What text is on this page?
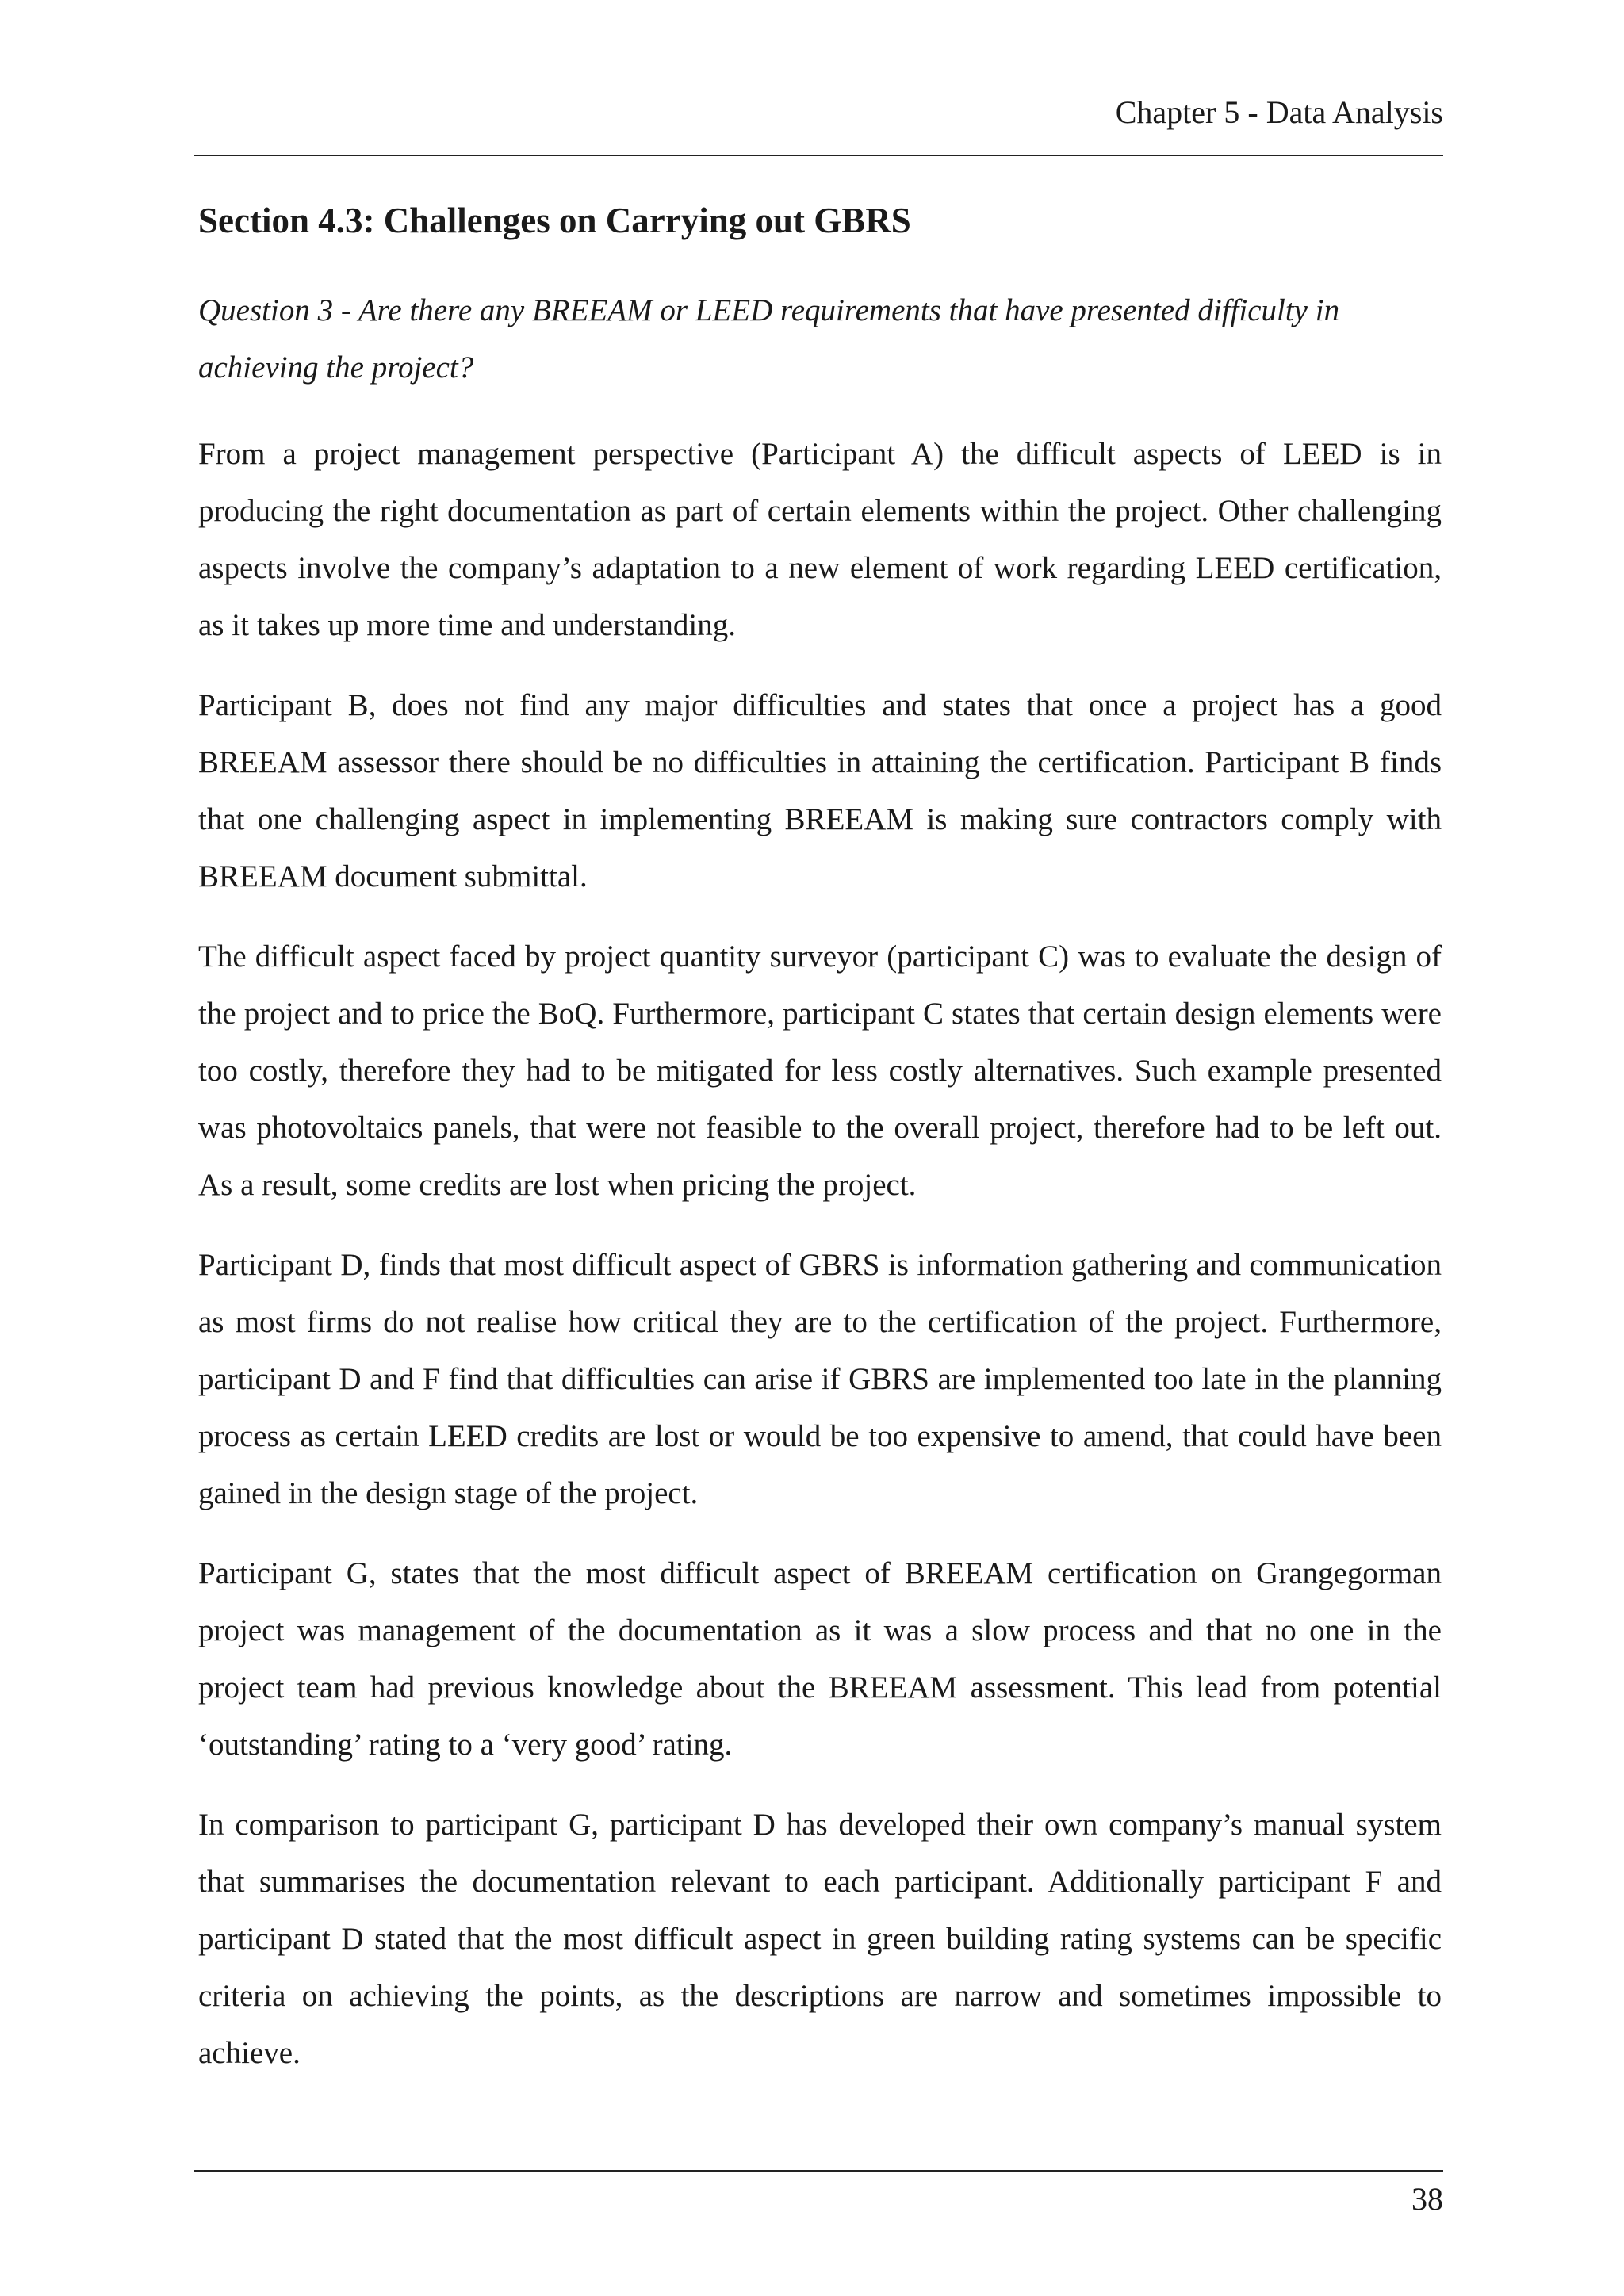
Chapter 5 - Data Analysis
Section 4.3: Challenges on Carrying out GBRS

Question 3 - Are there any BREEAM or LEED requirements that have presented difficulty in achieving the project?

From a project management perspective (Participant A) the difficult aspects of LEED is in producing the right documentation as part of certain elements within the project. Other challenging aspects involve the company’s adaptation to a new element of work regarding LEED certification, as it takes up more time and understanding.

Participant B, does not find any major difficulties and states that once a project has a good BREEAM assessor there should be no difficulties in attaining the certification. Participant B finds that one challenging aspect in implementing BREEAM is making sure contractors comply with BREEAM document submittal.

The difficult aspect faced by project quantity surveyor (participant C) was to evaluate the design of the project and to price the BoQ. Furthermore, participant C states that certain design elements were too costly, therefore they had to be mitigated for less costly alternatives. Such example presented was photovoltaics panels, that were not feasible to the overall project, therefore had to be left out. As a result, some credits are lost when pricing the project.

Participant D, finds that most difficult aspect of GBRS is information gathering and communication as most firms do not realise how critical they are to the certification of the project. Furthermore, participant D and F find that difficulties can arise if GBRS are implemented too late in the planning process as certain LEED credits are lost or would be too expensive to amend, that could have been gained in the design stage of the project.

Participant G, states that the most difficult aspect of BREEAM certification on Grangegorman project was management of the documentation as it was a slow process and that no one in the project team had previous knowledge about the BREEAM assessment. This lead from potential ‘outstanding’ rating to a ‘very good’ rating.

In comparison to participant G, participant D has developed their own company’s manual system that summarises the documentation relevant to each participant. Additionally participant F and participant D stated that the most difficult aspect in green building rating systems can be specific criteria on achieving the points, as the descriptions are narrow and sometimes impossible to achieve.

38
